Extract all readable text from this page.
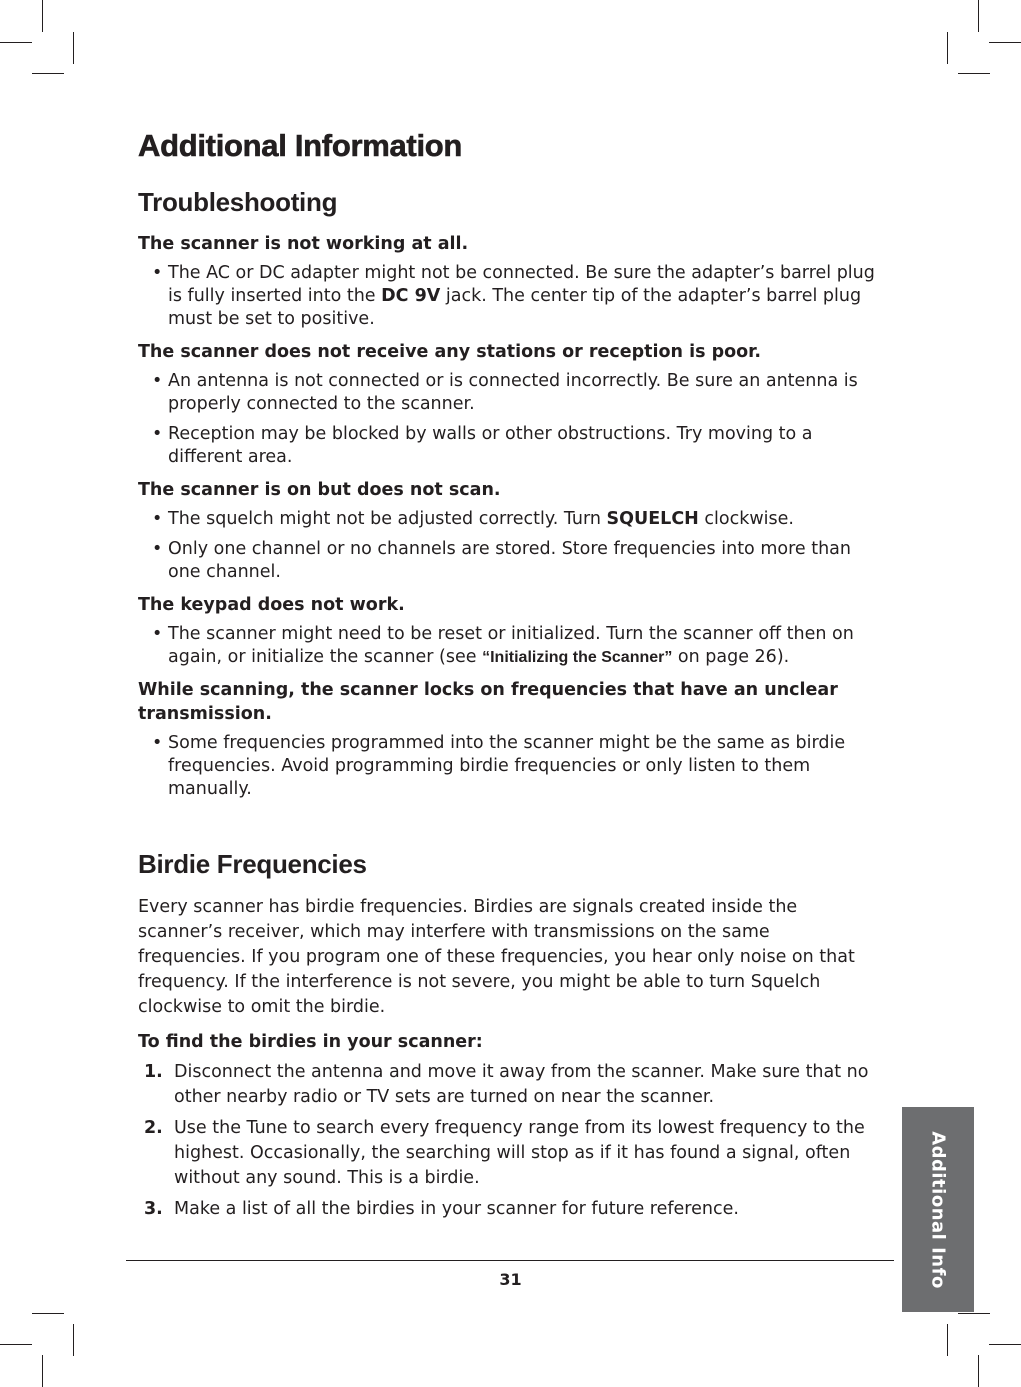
Additional Information
Troubleshooting
The scanner is not working at all.
• The AC or DC adapter might not be connected. Be sure the adapter’s barrel plug is fully inserted into the DC 9V jack. The center tip of the adapter’s barrel plug must be set to positive.
The scanner does not receive any stations or reception is poor.
• An antenna is not connected or is connected incorrectly. Be sure an antenna is properly connected to the scanner.
• Reception may be blocked by walls or other obstructions. Try moving to a different area.
The scanner is on but does not scan.
• The squelch might not be adjusted correctly. Turn SQUELCH clockwise.
• Only one channel or no channels are stored. Store frequencies into more than one channel.
The keypad does not work.
• The scanner might need to be reset or initialized. Turn the scanner off then on again, or initialize the scanner (see “Initializing the Scanner” on page 26).
While scanning, the scanner locks on frequencies that have an unclear transmission.
• Some frequencies programmed into the scanner might be the same as birdie frequencies. Avoid programming birdie frequencies or only listen to them manually.
Birdie Frequencies

Every scanner has birdie frequencies. Birdies are signals created inside the scanner’s receiver, which may interfere with transmissions on the same frequencies. If you program one of these frequencies, you hear only noise on that frequency. If the interference is not severe, you might be able to turn Squelch clockwise to omit the birdie.

To find the birdies in your scanner:
1. Disconnect the antenna and move it away from the scanner. Make sure that no other nearby radio or TV sets are turned on near the scanner.
2. Use the Tune to search every frequency range from its lowest frequency to the highest. Occasionally, the searching will stop as if it has found a signal, often without any sound. This is a birdie.
3. Make a list of all the birdies in your scanner for future reference.
31	Additional Info
